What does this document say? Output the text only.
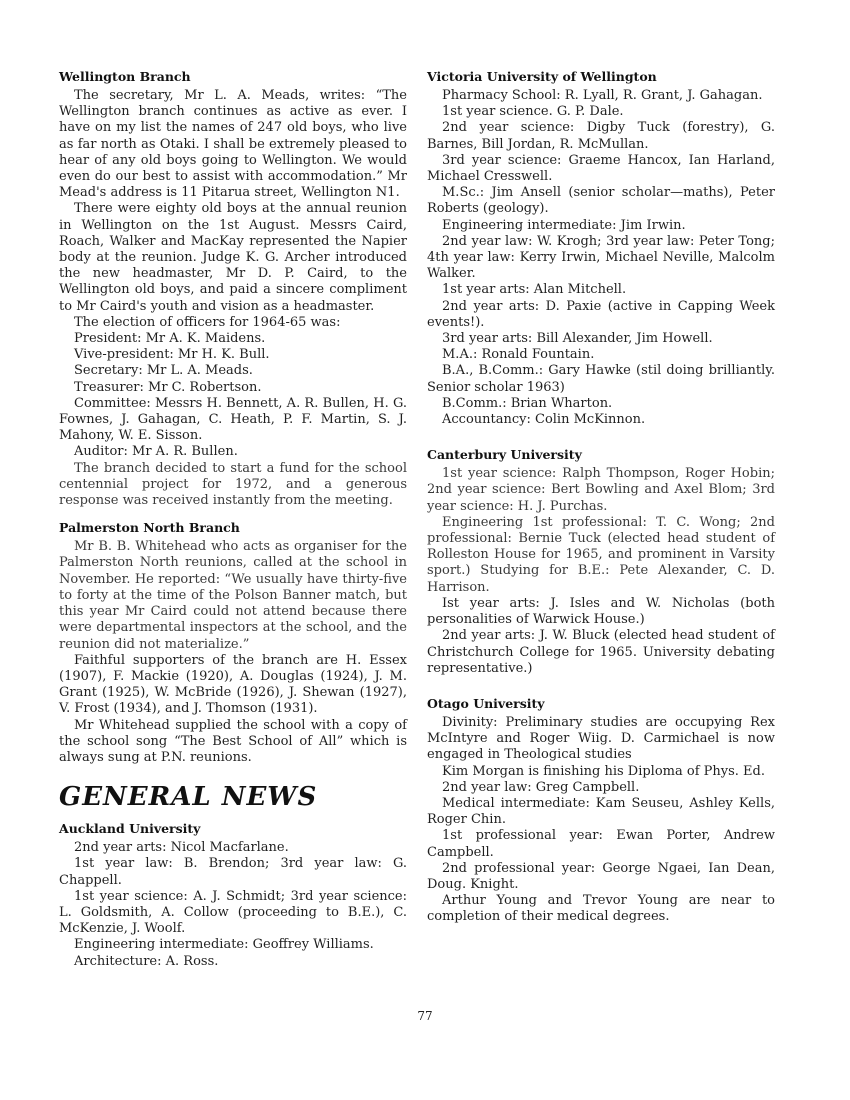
Wellington Branch

The secretary, Mr L. A. Meads, writes: “The Wellington branch continues as active as ever. I have on my list the names of 247 old boys, who live as far north as Otaki. I shall be extremely pleased to hear of any old boys going to Wellington. We would even do our best to assist with accommodation.” Mr Mead's address is 11 Pitarua street, Wellington N1.

There were eighty old boys at the annual reunion in Wellington on the 1st August. Messrs Caird, Roach, Walker and MacKay represented the Napier body at the reunion. Judge K. G. Archer introduced the new headmaster, Mr D. P. Caird, to the Wellington old boys, and paid a sincere compliment to Mr Caird's youth and vision as a headmaster.

The election of officers for 1964-65 was:

President: Mr A. K. Maidens.

Vive-president: Mr H. K. Bull.

Secretary: Mr L. A. Meads.

Treasurer: Mr C. Robertson.

Committee: Messrs H. Bennett, A. R. Bullen, H. G. Fownes, J. Gahagan, C. Heath, P. F. Martin, S. J. Mahony, W. E. Sisson.

Auditor: Mr A. R. Bullen.

The branch decided to start a fund for the school centennial project for 1972, and a generous response was received instantly from the meeting.

Palmerston North Branch

Mr B. B. Whitehead who acts as organiser for the Palmerston North reunions, called at the school in November. He reported: “We usually have thirty-five to forty at the time of the Polson Banner match, but this year Mr Caird could not attend because there were departmental inspectors at the school, and the reunion did not materialize.”

Faithful supporters of the branch are H. Essex (1907), F. Mackie (1920), A. Douglas (1924), J. M. Grant (1925), W. McBride (1926), J. Shewan (1927), V. Frost (1934), and J. Thomson (1931).

Mr Whitehead supplied the school with a copy of the school song “The Best School of All” which is always sung at P.N. reunions.

GENERAL NEWS
Auckland University

2nd year arts: Nicol Macfarlane.

1st year law: B. Brendon; 3rd year law: G. Chappell.

1st year science: A. J. Schmidt; 3rd year science: L. Goldsmith, A. Collow (proceeding to B.E.), C. McKenzie, J. Woolf.

Engineering intermediate: Geoffrey Williams.

Architecture: A. Ross.

Victoria University of Wellington

Pharmacy School: R. Lyall, R. Grant, J. Gahagan.

1st year science. G. P. Dale.

2nd year science: Digby Tuck (forestry), G. Barnes, Bill Jordan, R. McMullan.

3rd year science: Graeme Hancox, Ian Harland, Michael Cresswell.

M.Sc.: Jim Ansell (senior scholar—maths), Peter Roberts (geology).

Engineering intermediate: Jim Irwin.

2nd year law: W. Krogh; 3rd year law: Peter Tong; 4th year law: Kerry Irwin, Michael Neville, Malcolm Walker.

1st year arts: Alan Mitchell.

2nd year arts: D. Paxie (active in Capping Week events!).

3rd year arts: Bill Alexander, Jim Howell.

M.A.: Ronald Fountain.

B.A., B.Comm.: Gary Hawke (stil doing brilliantly. Senior scholar 1963)

B.Comm.: Brian Wharton.

Accountancy: Colin McKinnon.

Canterbury University

1st year science: Ralph Thompson, Roger Hobin; 2nd year science: Bert Bowling and Axel Blom; 3rd year science: H. J. Purchas.

Engineering 1st professional: T. C. Wong; 2nd professional: Bernie Tuck (elected head student of Rolleston House for 1965, and prominent in Varsity sport.) Studying for B.E.: Pete Alexander, C. D. Harrison.

Ist year arts: J. Isles and W. Nicholas (both personalities of Warwick House.)

2nd year arts: J. W. Bluck (elected head student of Christchurch College for 1965. University debating representative.)

Otago University

Divinity: Preliminary studies are occupying Rex McIntyre and Roger Wiig. D. Carmichael is now engaged in Theological studies

Kim Morgan is finishing his Diploma of Phys. Ed.

2nd year law: Greg Campbell.

Medical intermediate: Kam Seuseu, Ashley Kells, Roger Chin.

1st professional year: Ewan Porter, Andrew Campbell.

2nd professional year: George Ngaei, Ian Dean, Doug. Knight.

Arthur Young and Trevor Young are near to completion of their medical degrees.

77
